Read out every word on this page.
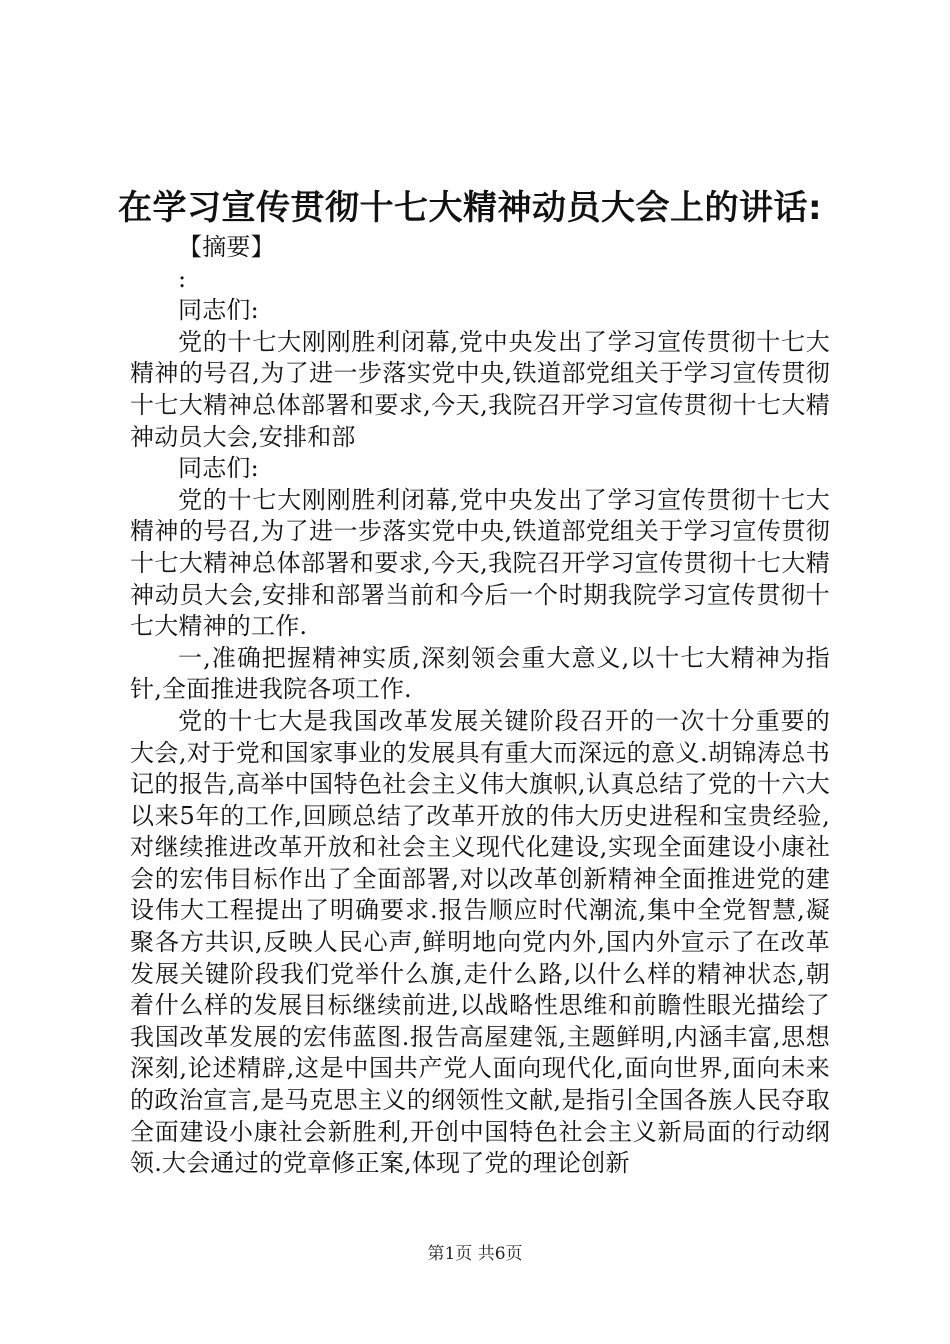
在学习宣传贯彻十七大精神动员大会上的讲话:

【摘要】

:

同志们:

党的十七大刚刚胜利闭幕,党中央发出了学习宣传贯彻十七大精神的号召,为了进一步落实党中央,铁道部党组关于学习宣传贯彻十七大精神总体部署和要求,今天,我院召开学习宣传贯彻十七大精神动员大会,安排和部

同志们:

党的十七大刚刚胜利闭幕,党中央发出了学习宣传贯彻十七大精神的号召,为了进一步落实党中央,铁道部党组关于学习宣传贯彻十七大精神总体部署和要求,今天,我院召开学习宣传贯彻十七大精神动员大会,安排和部署当前和今后一个时期我院学习宣传贯彻十七大精神的工作.

一,准确把握精神实质,深刻领会重大意义,以十七大精神为指针,全面推进我院各项工作.

党的十七大是我国改革发展关键阶段召开的一次十分重要的大会,对于党和国家事业的发展具有重大而深远的意义.胡锦涛总书记的报告,高举中国特色社会主义伟大旗帜,认真总结了党的十六大以来5年的工作,回顾总结了改革开放的伟大历史进程和宝贵经验,对继续推进改革开放和社会主义现代化建设,实现全面建设小康社会的宏伟目标作出了全面部署,对以改革创新精神全面推进党的建设伟大工程提出了明确要求.报告顺应时代潮流,集中全党智慧,凝聚各方共识,反映人民心声,鲜明地向党内外,国内外宣示了在改革发展关键阶段我们党举什么旗,走什么路,以什么样的精神状态,朝着什么样的发展目标继续前进,以战略性思维和前瞻性眼光描绘了我国改革发展的宏伟蓝图.报告高屋建瓴,主题鲜明,内涵丰富,思想深刻,论述精辟,这是中国共产党人面向现代化,面向世界,面向未来的政治宣言,是马克思主义的纲领性文献,是指引全国各族人民夺取全面建设小康社会新胜利,开创中国特色社会主义新局面的行动纲领.大会通过的党章修正案,体现了党的理论创新

第1页 共6页
